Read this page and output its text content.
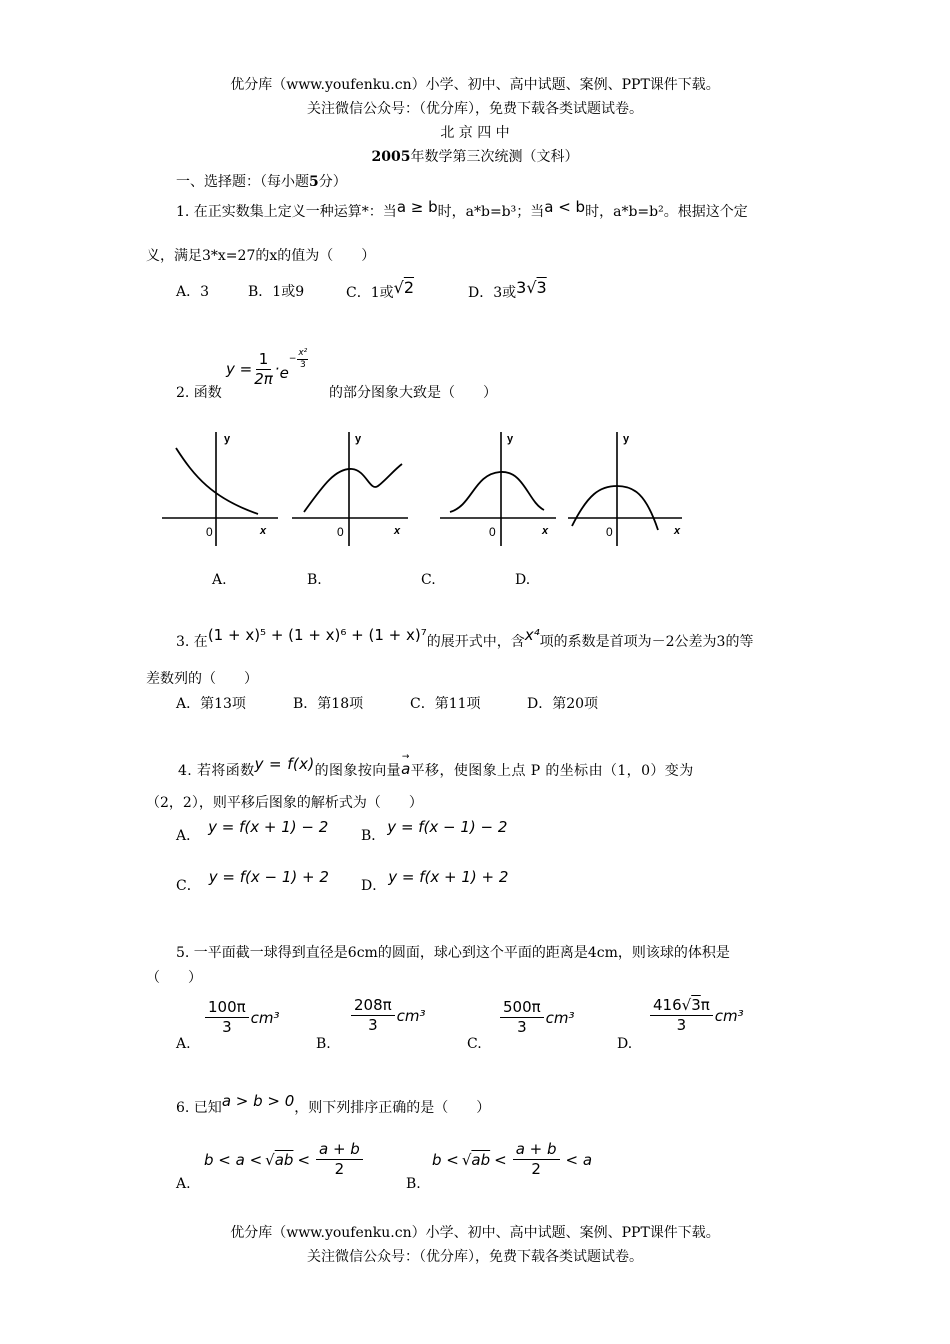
优分库（www.youfenku.cn）小学、初中、高中试题、案例、PPT课件下载。
关注微信公众号：（优分库），免费下载各类试题试卷。
北 京 四 中
2005年数学第三次统测（文科）
一、选择题：（每小题5分）
1. 在正实数集上定义一种运算*：当a ≥ b时，a*b=b³；当a < b时，a*b=b²。根据这个定
义，满足3*x=27的x的值为（　　）
A．3	B．1或9	C．1或√2	D．3或3√3
2. 函数
$y = \frac{1}{2\pi} \cdot e$
− $\frac{\text{x²}}{3}$
的部分图象大致是（　　）
y
0	x
y
0	x
y
0	x
y
0	x
A.	B.	C.	D.
3. 在(1 + x)⁵ + (1 + x)⁶ + (1 + x)⁷的展开式中，含x⁴项的系数是首项为－2公差为3的等
差数列的（　　）
A．第13项	B．第18项	C．第11项	D．第20项
4. 若将函数y = f(x)的图象按向量
→
a平移，使图象上点 P 的坐标由（1，0）变为
（2，2），则平移后图象的解析式为（　　）
A． y = f(x + 1) − 2 B． y = f(x − 1) − 2
C． y = f(x − 1) + 2 D． y = f(x + 1) + 2
5. 一平面截一球得到直径是6cm的圆面，球心到这个平面的距离是4cm，则该球的体积是
（　　）
A.
$\frac{100\pi}{3} cm^3$
B.
$\frac{208\pi}{3} cm^3$
C.
$\frac{500\pi}{3} cm^3$
D.
$\frac{416√3\pi}{3} cm^3$
6. 已知a > b > 0，则下列排序正确的是（　　）
A.
b < a < √ ab < $\frac{a + b}{2}$
B.
b < √ ab < $\frac{a + b}{2} < a$
优分库（www.youfenku.cn）小学、初中、高中试题、案例、PPT课件下载。
关注微信公众号：（优分库），免费下载各类试题试卷。
